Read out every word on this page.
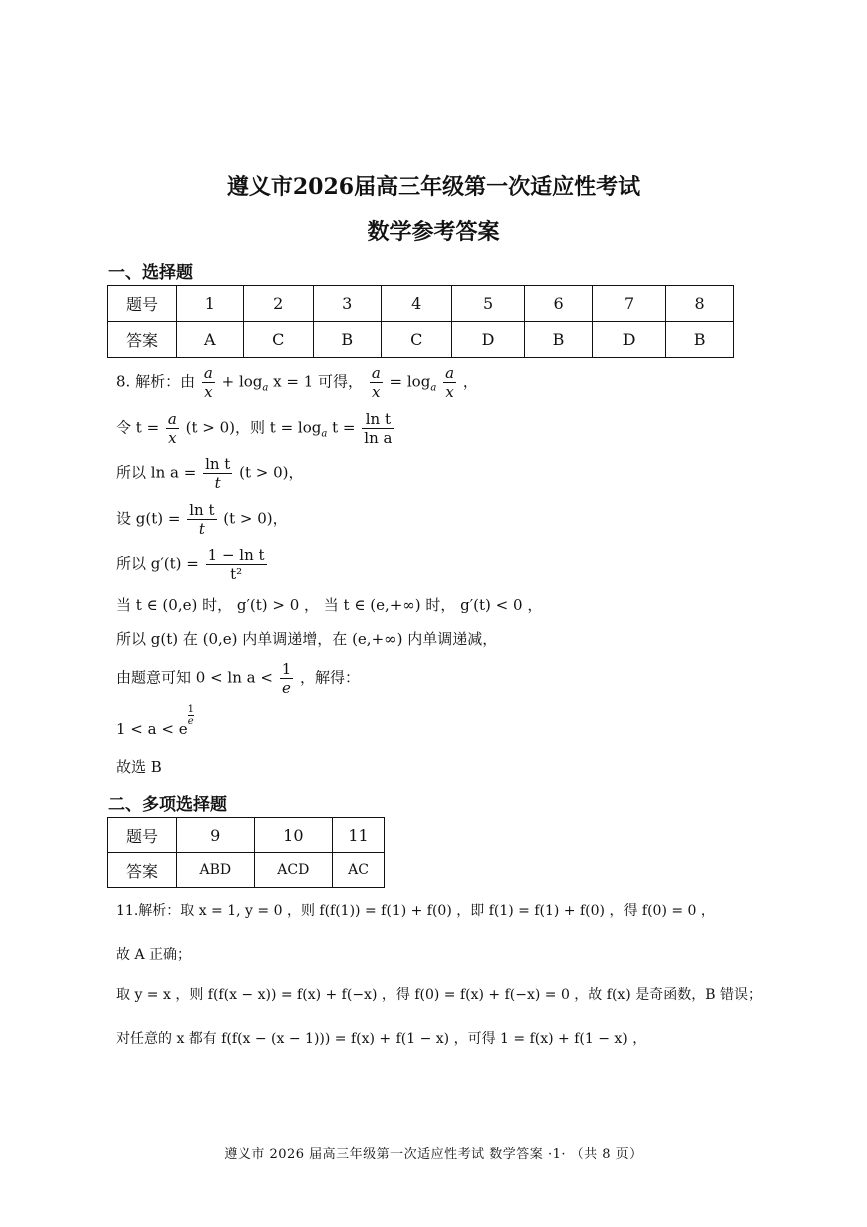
遵义市2026届高三年级第一次适应性考试
数学参考答案
一、选择题
题号	1	2	3	4	5	6	7	8
答案	A	C	B	C	D	B	D	B
8. 解析：由 $\frac{a}{x} + \log_a x = 1$ 可得， $\frac{a}{x} = \log_a \frac{a}{x}$ ，
令 $t = \frac{a}{x} (t > 0)$，则 $t = \log_a t = \frac{\text{ln t}}{\text{ln a}}$
所以 $\ln a = \frac{\text{ln t}}{t} (t > 0)$，
设 $g(t) = \frac{\text{ln t}}{t} (t > 0)$，
所以 $g'(t) = \frac{\text{1 − ln t}}{\text{t²}}$
当 t ∈ (0,e) 时， g′(t) > 0 ， 当 t ∈ (e,+∞) 时， g′(t) < 0 ，
所以 g(t) 在 (0,e) 内单调递增，在 (e,+∞) 内单调递减，
由题意可知 $0 < \ln a < \frac{1}{e}$ ，解得：
1 < a < e
$\frac{1}{e}$
故选 B
二、多项选择题
题号	9	10	11
答案	ABD	ACD	AC
11.解析：取 x = 1, y = 0 ，则 f(f(1)) = f(1) + f(0) ，即 f(1) = f(1) + f(0) ，得 f(0) = 0 ，
故 A 正确；
取 y = x ，则 f(f(x − x)) = f(x) + f(−x) ，得 f(0) = f(x) + f(−x) = 0 ，故 f(x) 是奇函数，B 错误；
对任意的 x 都有 f(f(x − (x − 1))) = f(x) + f(1 − x) ，可得 1 = f(x) + f(1 − x) ，
遵义市 2026 届高三年级第一次适应性考试 数学答案 ·1· （共 8 页）
